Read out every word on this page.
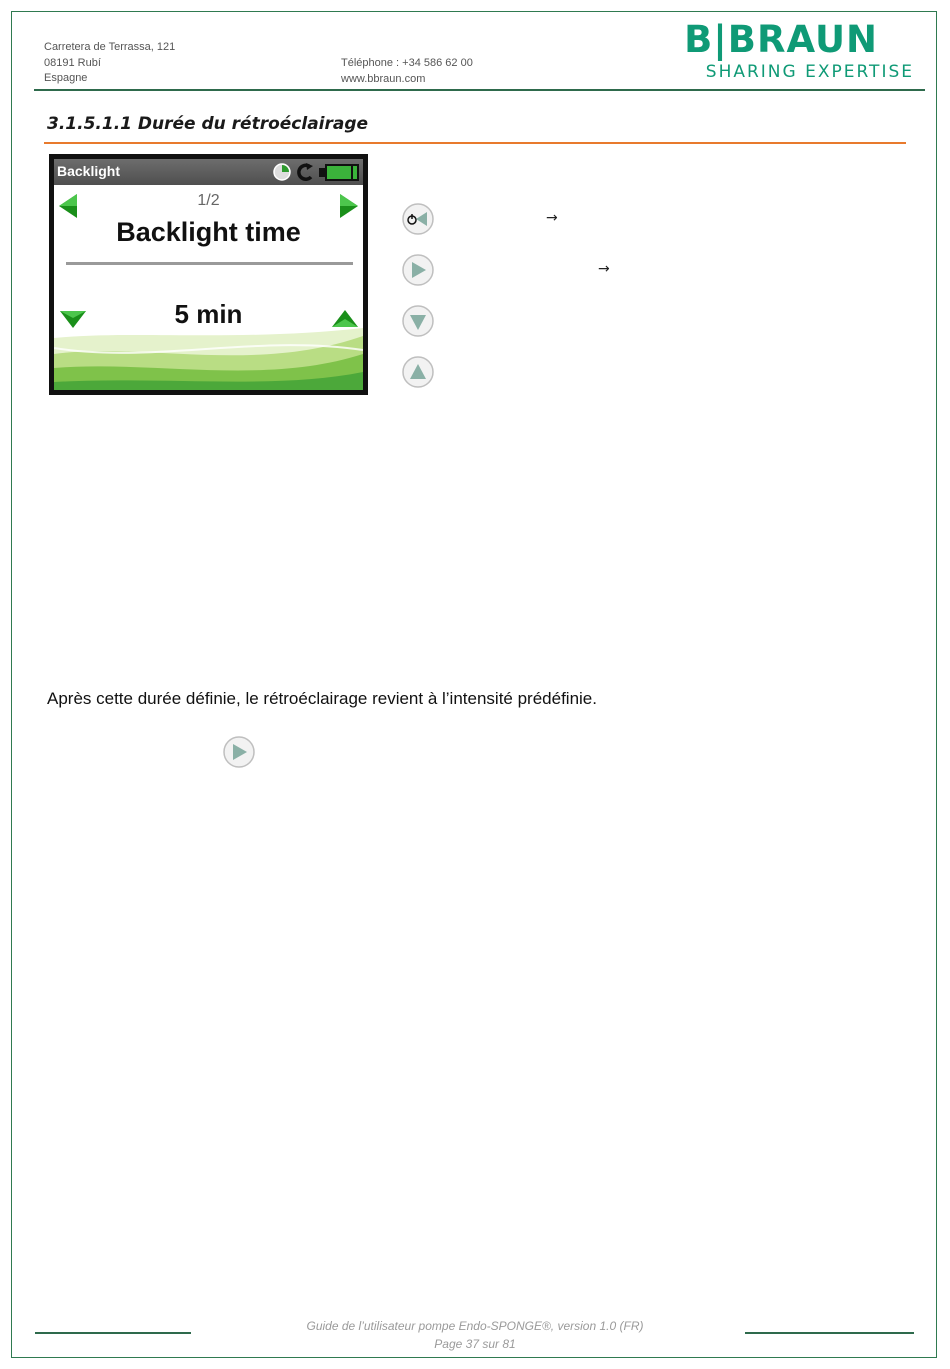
Carretera de Terrassa, 121
08191 Rubí
Espagne
Téléphone : +34 586 62 00
www.bbraun.com
B|BRAUN
SHARING EXPERTISE
3.1.5.1.1 Durée du rétroéclairage
Backlight
1/2
Backlight time
5 min
→
→
Après cette durée définie, le rétroéclairage revient à l’intensité prédéfinie.
Guide de l’utilisateur pompe Endo-SPONGE®, version 1.0 (FR)
Page 37 sur 81
